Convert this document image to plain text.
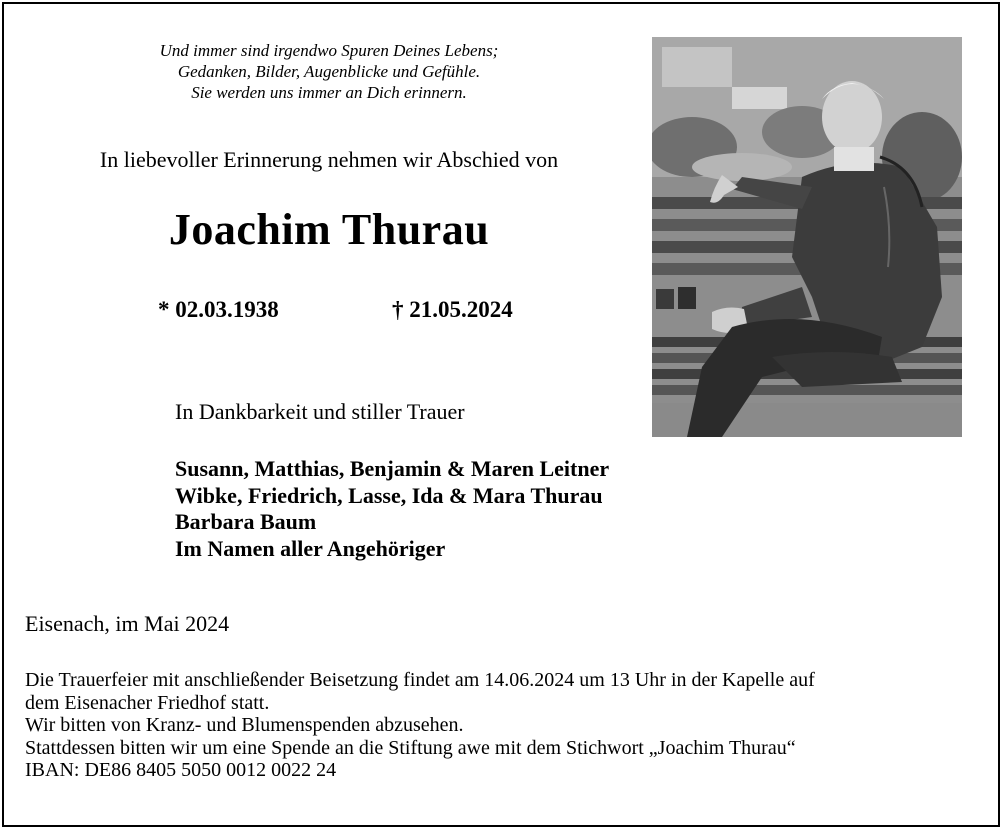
Und immer sind irgendwo Spuren Deines Lebens;
Gedanken, Bilder, Augenblicke und Gefühle.
Sie werden uns immer an Dich erinnern.
In liebevoller Erinnerung nehmen wir Abschied von
Joachim Thurau
* 02.03.1938	† 21.05.2024
In Dankbarkeit und stiller Trauer
Susann, Matthias, Benjamin & Maren Leitner
Wibke, Friedrich, Lasse, Ida & Mara Thurau
Barbara Baum
Im Namen aller Angehöriger
Eisenach, im Mai 2024
Die Trauerfeier mit anschließender Beisetzung findet am 14.06.2024 um 13 Uhr in der Kapelle auf
dem Eisenacher Friedhof statt.
Wir bitten von Kranz- und Blumenspenden abzusehen.
Stattdessen bitten wir um eine Spende an die Stiftung awe mit dem Stichwort „Joachim Thurau“
IBAN: DE86 8405 5050 0012 0022 24
